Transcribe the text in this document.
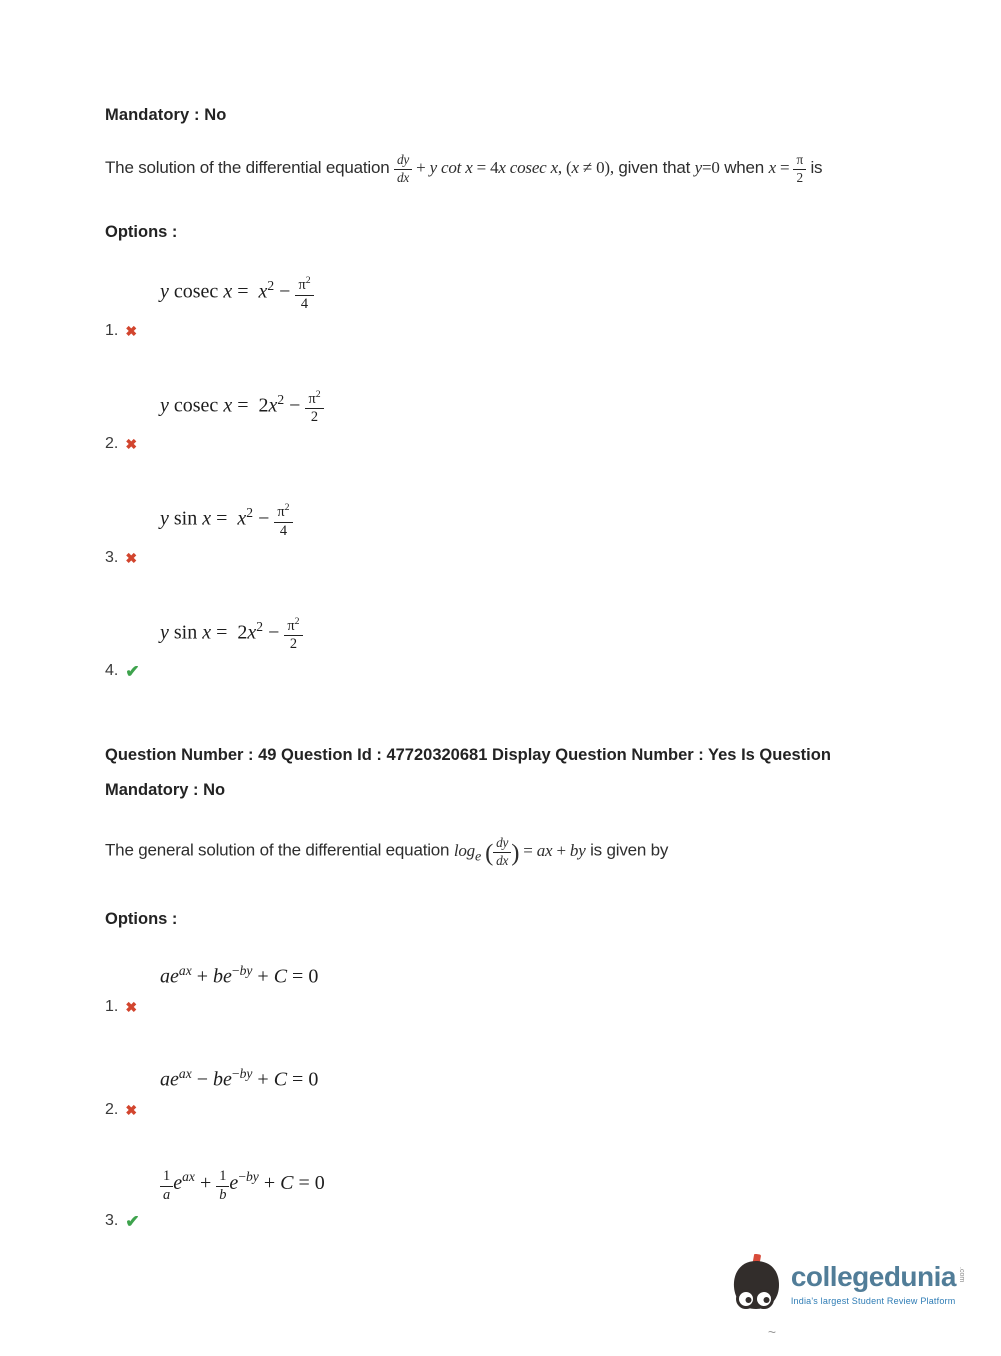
Mandatory : No
The solution of the differential equation $\frac{dy}{dx} + y$ cot x = 4x cosec x, (x ≠ 0), given that y=0 when $x = \frac{\pi}{2}$ is
Options :
y cosec $x = x^2 - \frac{\pi^2}{4}$
1. ✖
y cosec $x = 2x^2 - \frac{\pi^2}{2}$
2. ✖
y $\sin x = x^2 - \frac{\pi^2}{4}$
3. ✖
y $\sin x = 2x^2 - \frac{\pi^2}{2}$
4. ✔
Question Number : 49 Question Id : 47720320681 Display Question Number : Yes Is Question Mandatory : No
The general solution of the differential equation $\log_e$ ( $\frac{dy}{dx}$ ) = ax + by is given by
Options :
$ae^{ax} + be^{-by} + C = 0$
1. ✖
$ae^{ax} - be^{-by} + C = 0$
2. ✖
$\frac{1}{a} e^{ax} + \frac{1}{b} e^{-by} + C = 0$
3. ✔
collegedunia .com
India's largest Student Review Platform
~
